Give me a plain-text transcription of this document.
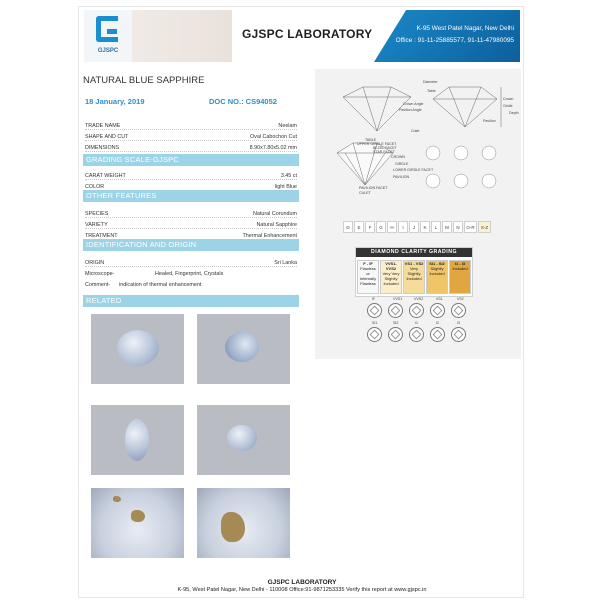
GJSPC
GJSPC LABORATORY	K-95 West Patel Nagar, New Delhi
Office : 91-11-25885577, 91-11-47980095
NATURAL BLUE SAPPHIRE
18 January, 2019	DOC NO.: CS94052
TRADE NAME	Neelam
SHAPE AND CUT	Oval Cabochon Cut
DIMENSIONS	8.90x7.80x5.02 mm
GRADING SCALE-GJSPC
CARAT WEIGHT	3.45 ct
COLOR	light Blue
OTHER FEATURES
SPECIES	Natural Corundum
VARIETY	Natural Sapphire
TREATMENT	Thermal Enhancement
IDENTIFICATION AND ORIGIN
ORIGIN	Sri Lanka
Microscope-	Healed, Fingerprint, Crystals
Comment- indication of thermal enhancement
RELATED
Diameter
Table
Crown Angle
Pavilion Angle
Crown
Girdle
Depth
Pavilion
Culet
TABLE
UPPER GIRDLE FACET
BEZEL FACET
STAR FACET
CROWN
GIRDLE
LOWER GIRDLE FACET
PAVILION
PAVILION FACET
CULET
D	E	F	G	H	I	J	K	L	M	N	O-R	S-Z
DIAMOND CLARITY GRADING
F - IF
Flawless or Internally Flawless
VVS1-VVS2
Very Very Slightly Included
VS1 - VS2
Very Slightly Included
SI1 - SI2
Slightly Included
I1 - I3
Included
IF	VVS1	VVS2	VS1	VS2
SI1	SI2	I1	I2	I3
GJSPC LABORATORY
K-95, West Patel Nagar, New Delhi - 110008 Office:91-9871253335 Verify this report at www.gjspc.in
